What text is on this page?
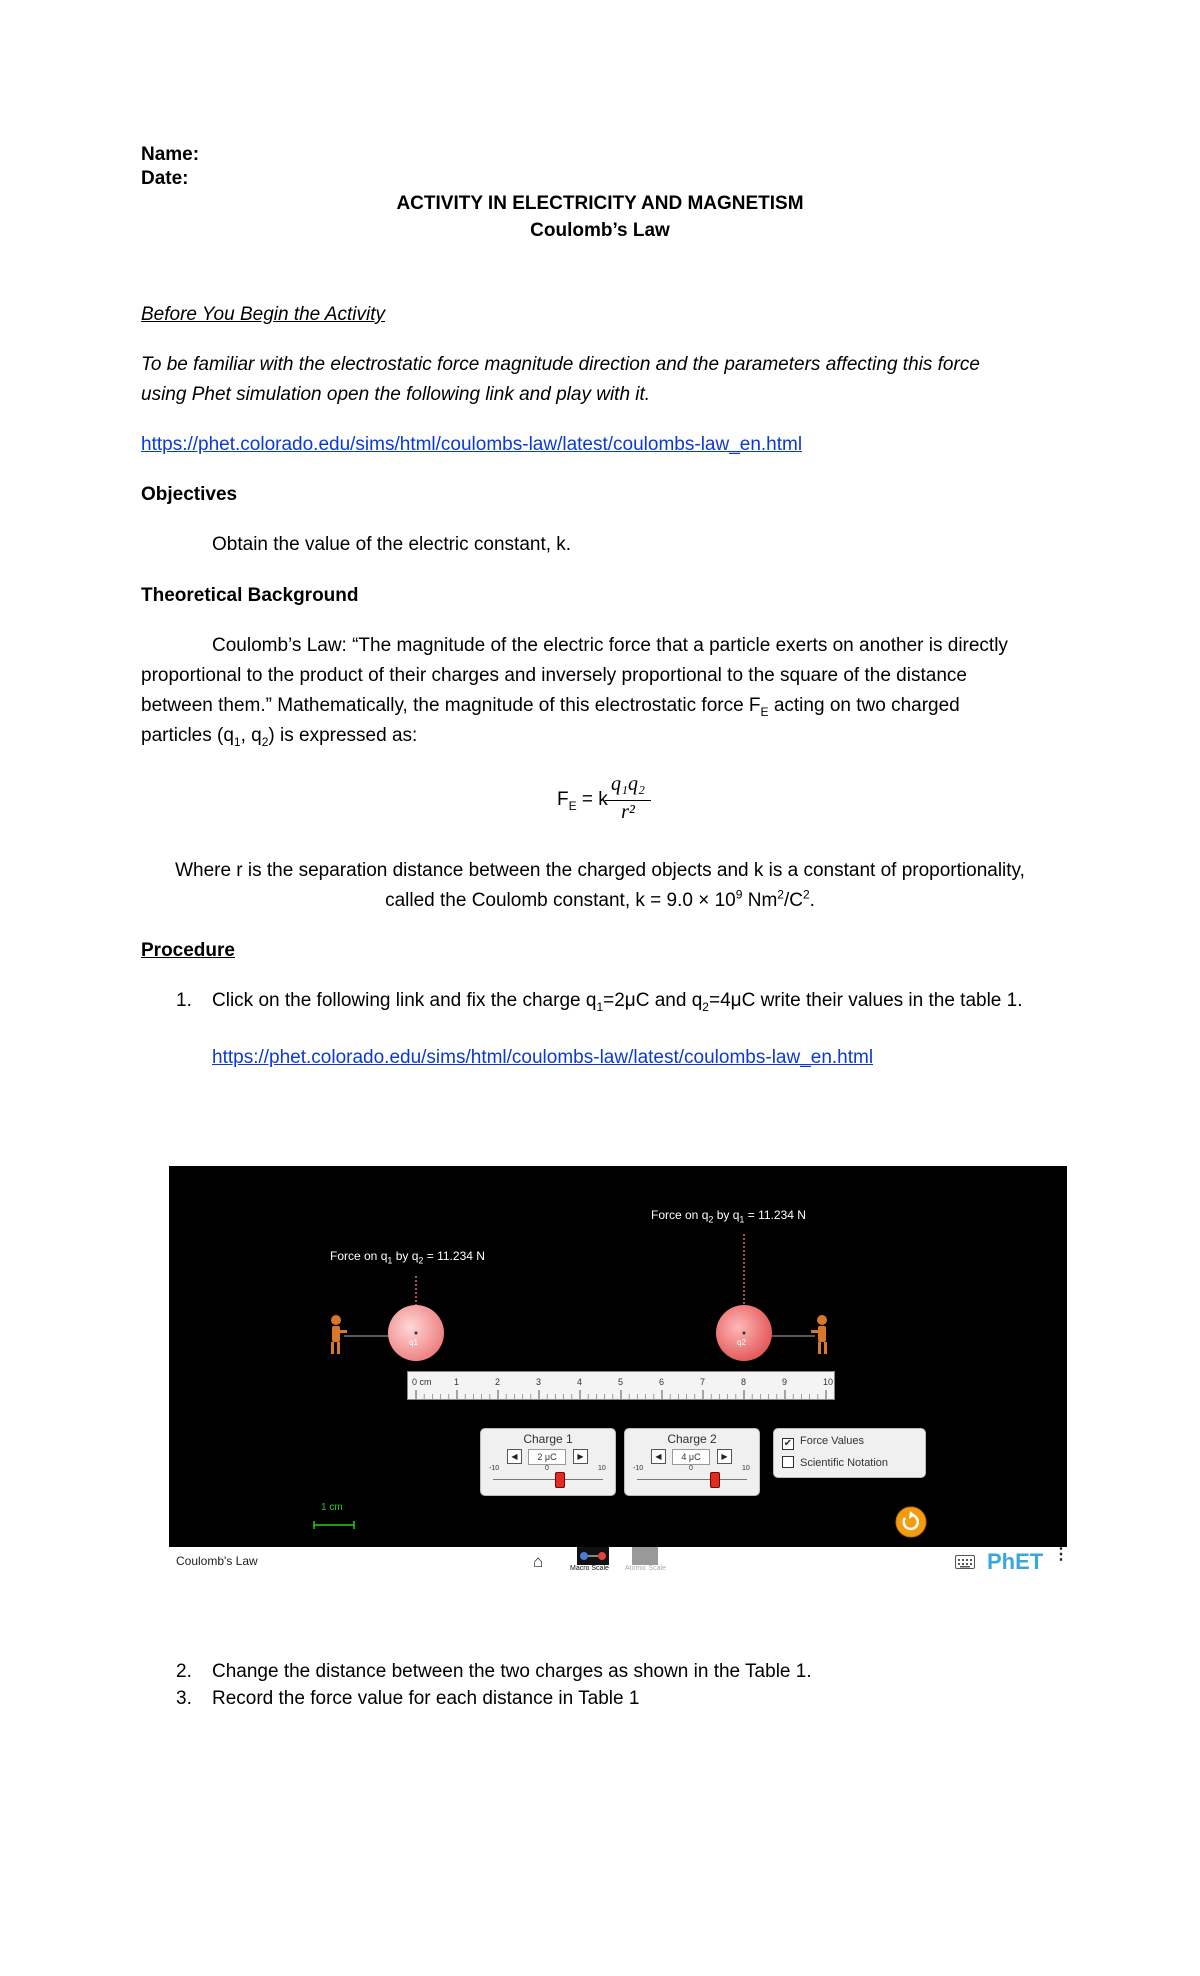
Name:
Date:
ACTIVITY IN ELECTRICITY AND MAGNETISM
Coulomb’s Law
Before You Begin the Activity
To be familiar with the electrostatic force magnitude direction and the parameters affecting this force
using Phet simulation open the following link and play with it.
https://phet.colorado.edu/sims/html/coulombs-law/latest/coulombs-law_en.html
Objectives
Obtain the value of the electric constant, k.
Theoretical Background
Coulomb’s Law: “The magnitude of the electric force that a particle exerts on another is directly
proportional to the product of their charges and inversely proportional to the square of the distance
between them.” Mathematically, the magnitude of this electrostatic force $F_E$ acting on two charged
particles ($q_1$, $q_2$) is expressed as:
$F_E = k$
q₁q₂
r²
Where r is the separation distance between the charged objects and k is a constant of proportionality,
called the Coulomb constant, $k = 9.0 \times 10^9$ $Nm^2/C^2$.
Procedure
1. Click on the following link and fix the charge $q_1=2\mu C$ and $q_2=4\mu C$ write their values in the table 1.
https://phet.colorado.edu/sims/html/coulombs-law/latest/coulombs-law_en.html
Force on $q_2$ by $q_1 = 11.234$ N
Force on $q_1$ by $q_2 = 11.234$ N
q1	q2
1 cm
0 cm 1	2	3	4	5	6	7	8	9	10
Charge 1
◀	2 μC	▶
-10	0	10
Charge 2
◀	4 μC	▶
-10	0	10
✔ Force Values
Scientific Notation
Coulomb's Law	⌂	Macro Scale Atomic Scale	PhET ⋮
2. Change the distance between the two charges as shown in the Table 1.
3. Record the force value for each distance in Table 1
